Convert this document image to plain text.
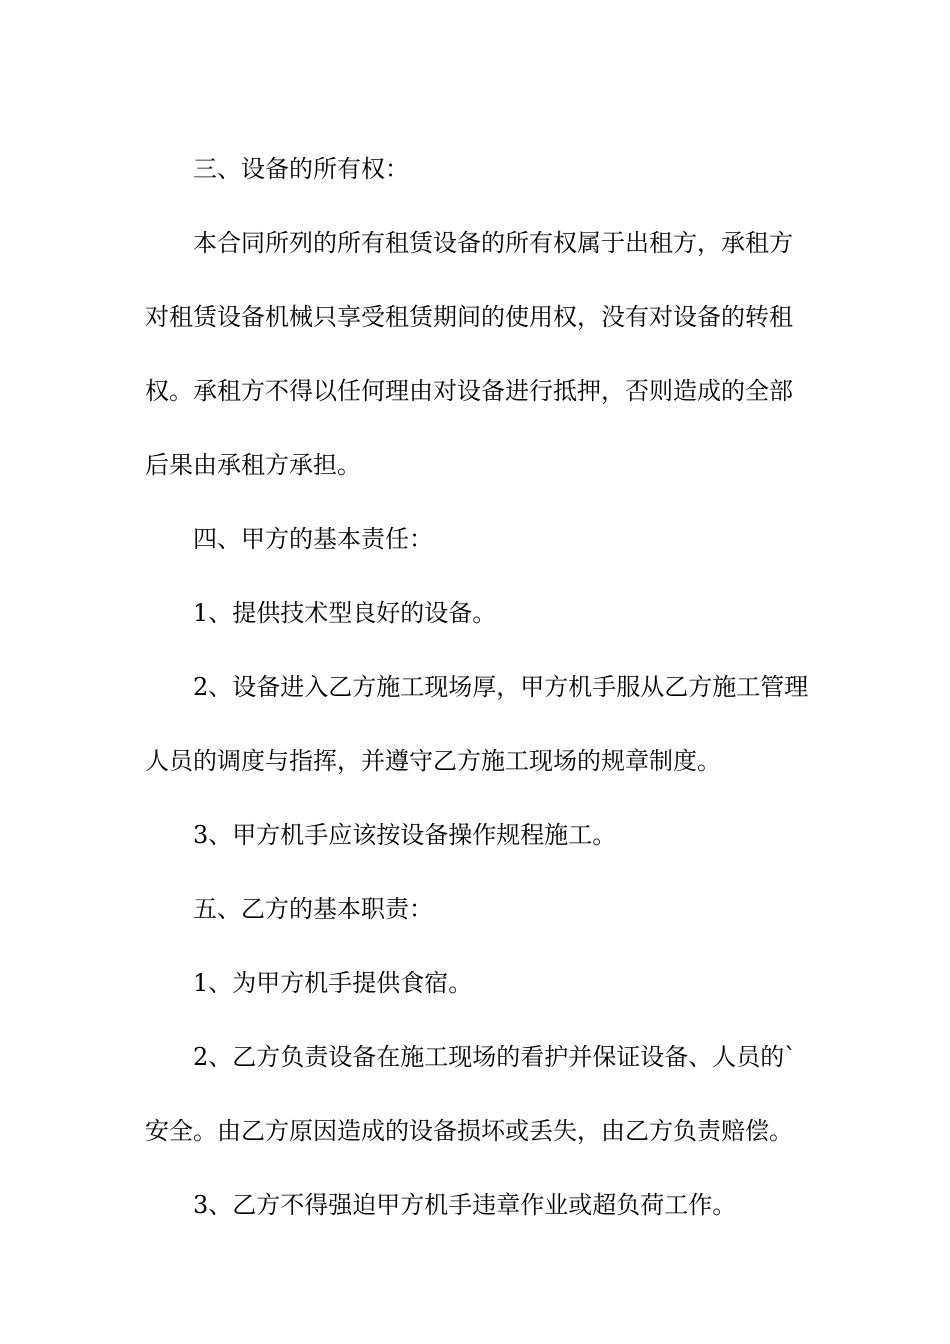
三、设备的所有权：
本合同所列的所有租赁设备的所有权属于出租方，承租方
对租赁设备机械只享受租赁期间的使用权，没有对设备的转租
权。承租方不得以任何理由对设备进行抵押，否则造成的全部
后果由承租方承担。
四、甲方的基本责任：
1、提供技术型良好的设备。
2、设备进入乙方施工现场厚，甲方机手服从乙方施工管理
人员的调度与指挥，并遵守乙方施工现场的规章制度。
3、甲方机手应该按设备操作规程施工。
五、乙方的基本职责：
1、为甲方机手提供食宿。
2、乙方负责设备在施工现场的看护并保证设备、人员的`
安全。由乙方原因造成的设备损坏或丢失，由乙方负责赔偿。
3、乙方不得强迫甲方机手违章作业或超负荷工作。
